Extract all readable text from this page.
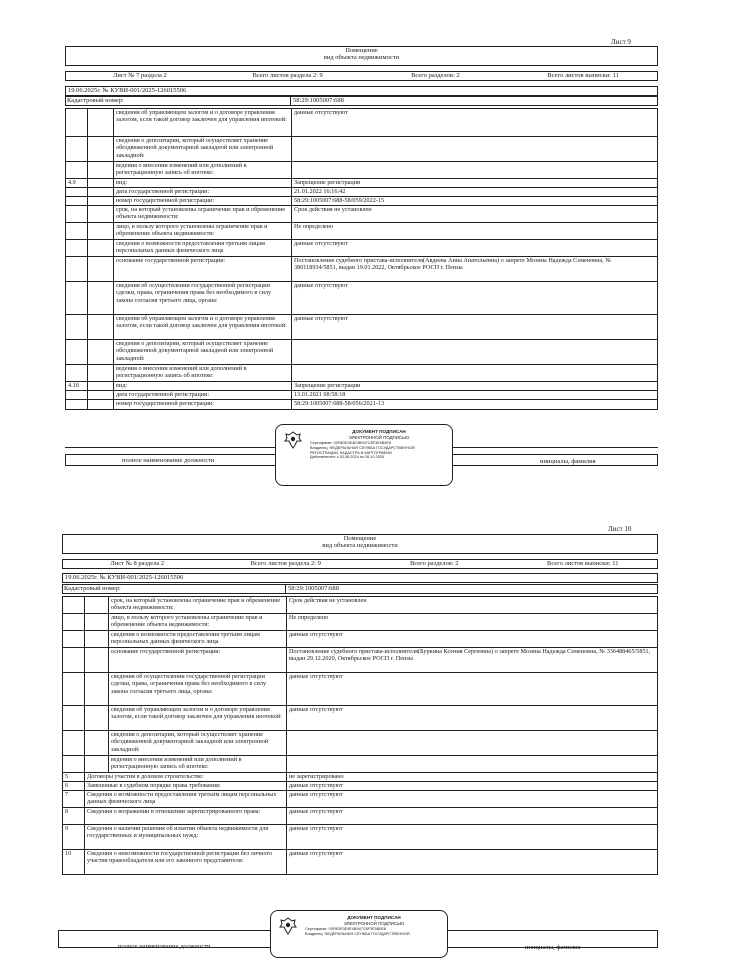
Лист 9
Помещение
вид объекта недвижимости
Лист № 7 раздела 2	Всего листов раздела 2: 9	Всего разделов: 2	Всего листов выписки: 11
19.06.2025г. № КУВИ-001/2025-126015506
Кадастровый номер:	58:29:1005007:688
		сведения об управляющем залогом и о договоре управления залогом, если такой договор заключен для управления ипотекой:	данные отсутствуют
		сведения о депозитарии, который осуществляет хранение обездвиженной документарной закладной или электронной закладной:	
		ведения о внесении изменений или дополнений в регистрационную запись об ипотеке:	
4.9		вид:	Запрещение регистрации
		дата государственной регистрации:	21.01.2022 16:16:42
		номер государственной регистрации:	58:29:1005007:688-58/059/2022-15
		срок, на который установлены ограничение прав и обременение объекта недвижимости:	Срок действия не установлен
		лицо, в пользу которого установлены ограничение прав и обременение объекта недвижимости:	Не определено
		сведения о возможности предоставления третьим лицам персональных данных физического лица	данные отсутствуют
		основание государственной регистрации:	Постановление судебного пристава-исполнителя(Авдеева Анна Анатольевна) о запрете Мозина Надежда Семеновна, № 380118934/5851, выдан 19.01.2022, Октябрьское РОСП г. Пензы
		сведения об осуществлении государственной регистрации сделки, права, ограничения права без необходимого в силу закона согласия третьего лица, органа:	данные отсутствуют
		сведения об управляющем залогом и о договоре управления залогом, если такой договор заключен для управления ипотекой:	данные отсутствуют
		сведения о депозитарии, который осуществляет хранение обездвиженной документарной закладной или электронной закладной:	
		ведения о внесении изменений или дополнений в регистрационную запись об ипотеке:	
4.10		вид:	Запрещение регистрации
		дата государственной регистрации:	13.01.2021 08:58:18
		номер государственной регистрации:	58:29:1005007:688-58/056/2021-13
полное наименование должности	инициалы, фамилия
ДОКУМЕНТ ПОДПИСАН
ЭЛЕКТРОННОЙ ПОДПИСЬЮ
Сертификат: 00F8DE3E4E4B947C8F3E5B0E8
Владелец: ФЕДЕРАЛЬНАЯ СЛУЖБА ГОСУДАРСТВЕННОЙ
РЕГИСТРАЦИИ, КАДАСТРА И КАРТОГРАФИИ
Действителен: с 02.08.2024 по 26.10.2025
Лист 10
Помещение
вид объекта недвижимости
Лист № 8 раздела 2	Всего листов раздела 2: 9	Всего разделов: 2	Всего листов выписки: 11
19.06.2025г. № КУВИ-001/2025-126015506
Кадастровый номер:	58:29:1005007:688
		срок, на который установлены ограничение прав и обременение объекта недвижимости:	Срок действия не установлен
		лицо, в пользу которого установлены ограничение прав и обременение объекта недвижимости:	Не определено
		сведения о возможности предоставления третьим лицам персональных данных физического лица	данные отсутствуют
		основание государственной регистрации:	Постановление судебного пристава-исполнителя(Буркина Ксения Сергеевна) о запрете Мозина Надежда Семеновна, № 336488465/5851, выдан 29.12.2020, Октябрьское РОСП г. Пензы
		сведения об осуществлении государственной регистрации сделки, права, ограничения права без необходимого в силу закона согласия третьего лица, органа:	данные отсутствуют
		сведения об управляющем залогом и о договоре управления залогом, если такой договор заключен для управления ипотекой:	данные отсутствуют
		сведения о депозитарии, который осуществляет хранение обездвиженной документарной закладной или электронной закладной:	
		ведения о внесении изменений или дополнений в регистрационную запись об ипотеке:	
5	Договоры участия в долевом строительстве:		не зарегистрировано
6	Заявленные в судебном порядке права требования:		данные отсутствуют
7	Сведения о возможности предоставления третьим лицам персональных данных физического лица		данные отсутствуют
8	Сведения о возражении в отношении зарегистрированного права:		данные отсутствуют
9	Сведения о наличии решения об изъятии объекта недвижимости для государственных и муниципальных нужд:		данные отсутствуют
10	Сведения о невозможности государственной регистрации без личного участия правообладателя или его законного представителя:		данные отсутствуют
полное наименование должности	инициалы, фамилия
ДОКУМЕНТ ПОДПИСАН
ЭЛЕКТРОННОЙ ПОДПИСЬЮ
Сертификат: 00F8DE3E4E4B947C8F3E5B0E8
Владелец: ФЕДЕРАЛЬНАЯ СЛУЖБА ГОСУДАРСТВЕННОЙ
